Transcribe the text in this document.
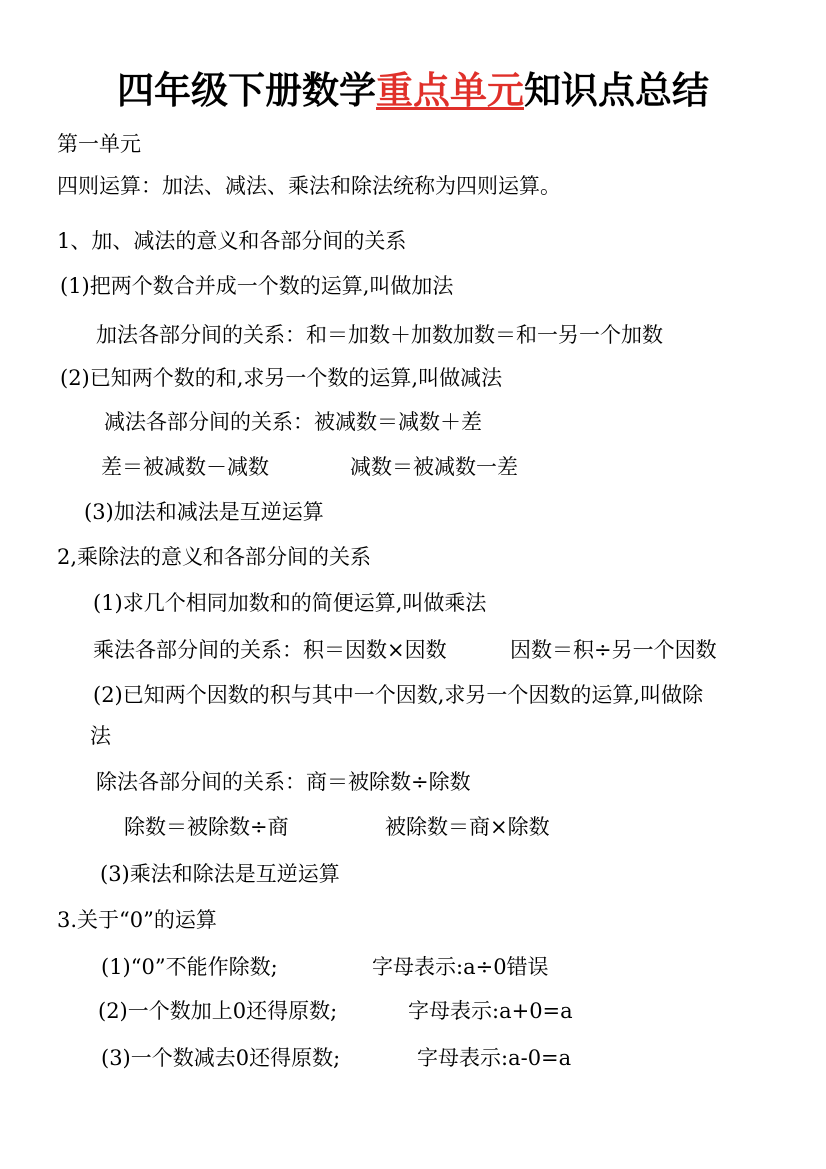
四年级下册数学重点单元知识点总结
第一单元
四则运算：加法、减法、乘法和除法统称为四则运算。
1、加、减法的意义和各部分间的关系
(1)把两个数合并成一个数的运算,叫做加法
加法各部分间的关系：和＝加数＋加数加数＝和一另一个加数
(2)已知两个数的和,求另一个数的运算,叫做减法
减法各部分间的关系：被减数＝减数＋差
差＝被减数－减数	减数＝被减数一差
(3)加法和减法是互逆运算
2,乘除法的意义和各部分间的关系
(1)求几个相同加数和的简便运算,叫做乘法
乘法各部分间的关系：积＝因数×因数	因数＝积÷另一个因数
(2)已知两个因数的积与其中一个因数,求另一个因数的运算,叫做除
法
除法各部分间的关系：商＝被除数÷除数
除数＝被除数÷商	被除数＝商×除数
(3)乘法和除法是互逆运算
3.关于“0”的运算
(1)“0”不能作除数;	字母表示:a÷0错误
(2)一个数加上0还得原数;	字母表示:a+0=a
(3)一个数减去0还得原数;	字母表示:a-0=a
